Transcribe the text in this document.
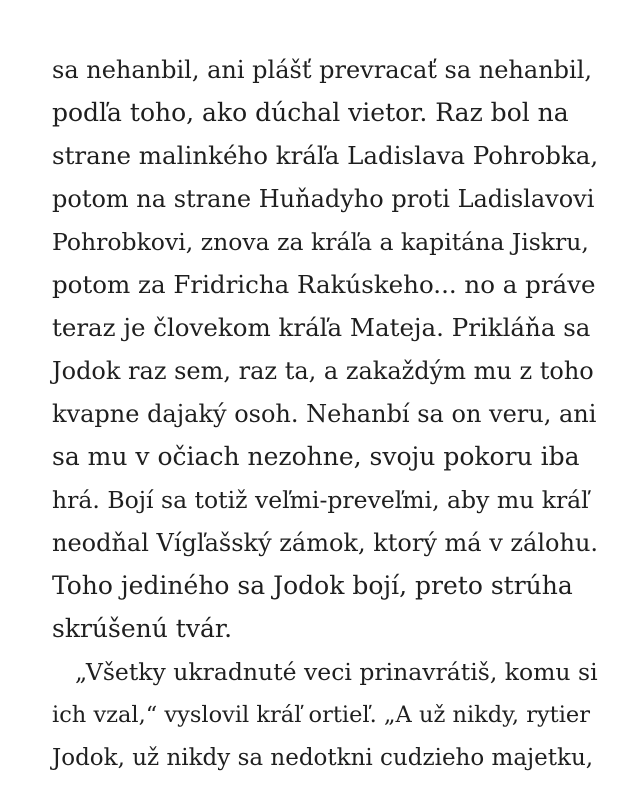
sa nehanbil, ani plášť prevracať sa nehanbil,
podľa toho, ako dúchal vietor. Raz bol na
strane malinkého kráľa Ladislava Pohrobka,
potom na strane Huňadyho proti Ladislavovi
Pohrobkovi, znova za kráľa a kapitána Jiskru,
potom za Fridricha Rakúskeho... no a práve
teraz je človekom kráľa Mateja. Prikláňa sa
Jodok raz sem, raz ta, a zakaždým mu z toho
kvapne dajaký osoh. Nehanbí sa on veru, ani
sa mu v očiach nezohne, svoju pokoru iba
hrá. Bojí sa totiž veľmi-preveľmi, aby mu kráľ
neodňal Vígľašský zámok, ktorý má v zálohu.
Toho jediného sa Jodok bojí, preto strúha
skrúšenú tvár.
„Všetky ukradnuté veci prinavrátiš, komu si
ich vzal,“ vyslovil kráľ ortieľ. „A už nikdy, rytier
Jodok, už nikdy sa nedotkni cudzieho majetku,
